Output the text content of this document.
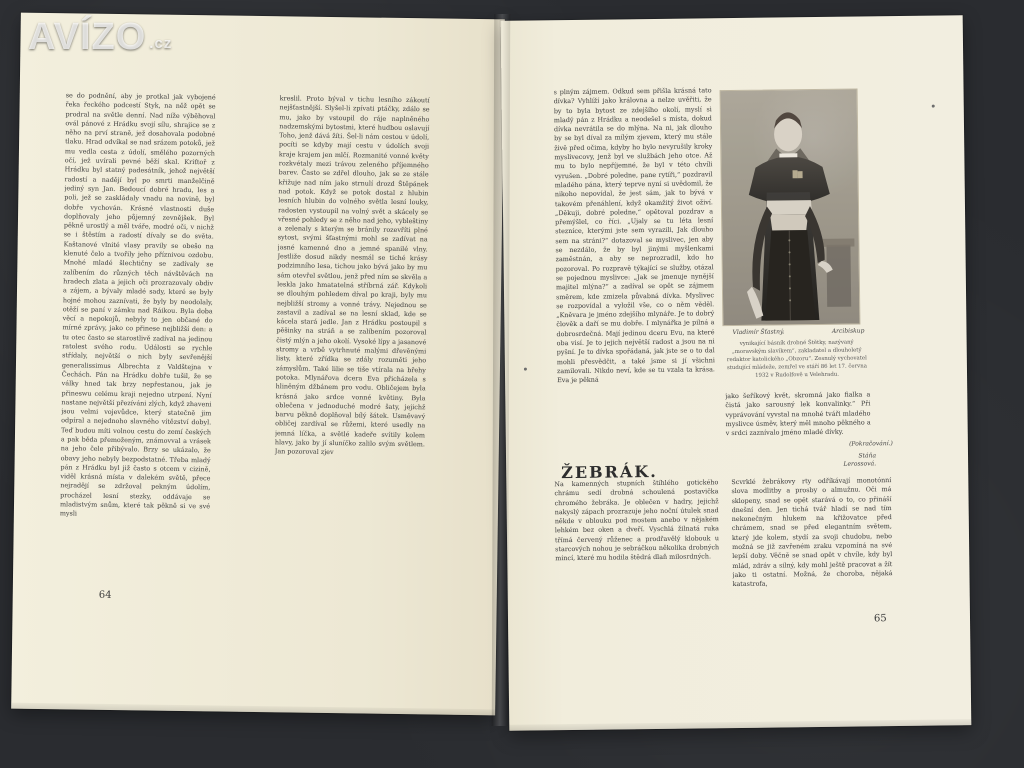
AVÍZO .cz
se do podnění, aby je protkal jak vybojené řeka řeckého podcestí Styk, na něž opět se prodral na světle denní. Nad níže výběhoval ovál pánové z Hrádku svojí sílu, shrajice se z něho na prví straně, jež dosahovala podobné tlaku. Hrad odvíkal se nad srázem potoků, jež mu vedla cesta z údolí, smělého pozorných očí, jež uvírali pevné běží skal. Kriťtoř z Hrádku byl statný padesátník, jehož největší radostí a nadějí byl po smrti manželčině jediný syn Jan. Bedoucí dobré hradu, les a poli, jež se zaskládaly vnadu na novině, byl dobře vychován. Krásné vlastnosti duše doplňovaly jeho půjemný zevnějšek. Byl pěkně urostlý a měl tváře, modré oči, v nichž se i štěstím a radostí dívaly se do světa. Kaštanové vlnité vlasy pravily se obešo na klenuté čelo a tvořily jeho příznivou ozdobu. Mnohé mladé šlechtičny se zadívaly se zalíbením do různých těch návštěvách na hradech zlata a jejich oči prozrazovaly obdiv a zájem, a bývaly mladé sady, které se byly hojné mohou zaznívati, že byly by neodolaly, otěží se paní v zámku nad Ráikou. Byla doba věcí a nepokojů, nebyly to jen občané do mírné zprávy, jako co přinese nejbližší den: a tu otec často se starostlivě zadíval na jedinou ratolest svého rodu. Události se rychle střídaly, největší o nich byly sevřenější generalissimus Albrechta z Valdštejna v Čechách. Pán na Hrádku dobře tušil, že se války hned tak brzy nepřestanou, jak je přineswu celému kraji nejedno utrpení. Nyní nastane největší přezíváni zlých, když zhaveni jsou velmi vojevůdce, který statečně jim odpíral a nejednoho slavného vítězství dobyl. Teď budou míti volnou cestu do zemí českých a pak běda přemoženým, známovval a vrásek na jeho čele přibývalo. Brzy se ukázalo, že obavy jeho nebyly bezpodstatné. Třeba mladý pán z Hrádku byl již často s otcem v cizině, viděl krásná místa v dalekém světě, přece nejradějí se zdržoval pekným údolím, procházel lesní stezky, oddávaje se mladistvým snům, které tak pěkně si ve své mysli
kreslil. Proto býval v tichu lesního zákoutí nejšťastnější. Slyšel-li zpívati ptáčky, zdálo se mu, jako by vstoupil do ráje naplněného nadzemskými bytostmi, které hudbou oslavují Toho, jenž dává žíti. Šel-li nám cestou v údolí, pocíti se kdyby mají cestu v údolích svoji kraje krajem jen mlčí. Rozmanité vonné květy rozkvétaly mezi trávou zeleného příjemného barev. Často se zdřel dlouho, jak se ze stále křižuje nad ním jako strnulí drozd Štěpánek nad potok. Když se potok dostal z hlubin lesních hlubin do volného světla lesní louky, radosten vystoupil na volný svět a skácely se vřesné pohledy se z něho nad jeho, vybleštiny a zelenaly s kterým se bránily rozevříti plné sytost, svými šťastnými mohl se zadívat na jasné kamenné dno a jemné spanilé vlny. Jestliže dosud nikdy nesmál se tiché krásy podzimního lesa, tichou jako bývá jako by mu sám otevřel světlou, jenž před ním se skvěla a leskla jako hmatatelná stříbrná zář. Kdykoli se dlouhým pohledem díval po kraji, byly mu nejbližší stromy a vonné trávy. Nejednou se zastavil a zadíval se na lesní sklad, kde se kácela stará jedle. Jan z Hrádku postoupil s pěšinky na stráň a se zalíbením pozoroval čistý mlýn a jeho okolí. Vysoké lípy a jasanové stromy a vrbě vytrhnuté malými dřevěnými listy, které zřídka se zdály rozuměti jeho zámyslům. Také lilie se tiše vtírala na břehy potoka. Mlynářova dcera Eva přicházela s hliněným džbánem pro vodu. Obličejem byla krásná jako srdce vonné květiny. Byla oblečena v jednoduché modré šaty, jejichž barvu pěkně doplňoval bílý šátek. Usměvavý obličej zardíval se růžemi, které usedly na jemná líčka, a světlé kadeře svítily kolem hlavy, jako by jí sluníčko zalilo svým světlem. Jan pozoroval zjev
64
s plným zájmem. Odkud sem přišla krásná tato dívka? Vyhlíží jako královna a nelze uvěřiti, že by to byla bytost ze zdejšího okolí, myslí si mladý pán z Hrádku a neodešel s místa, dokud dívka nevrátila se do mlýna. Na ni, jak dlouho by se byl díval za mílým zjevem, který mu stále živě před očima, kdyby ho bylo nevyrušily kroky myslivecovy, jenž byl ve službách jeho otce. Až mu to bylo nepříjemné, že byl v této chvíli vyrušen. „Dobré poledne, pane rytíři,“ pozdravil mladého pána, který teprve nyní si uvědomil, že nikoho nepovídal, že jest sám, jak to bývá v takovém přenáhlení, když okamžitý život oživí. „Děkuji, dobré poledne,“ opětoval pozdrav a přemýšlel, co říci. „Ujaly se tu léta lesní stezníce, kterými jste sem vyrazili, Jak dlouho sem na stráni?“ dotazoval se myslivec, jen aby se nezdálo, že by byl jinými myšlenkami zaměstnán, a aby se neprozradil, kdo ho pozoroval. Po rozpravě týkající se služby, otázal se pojednou myslivce: „Jak se jmenuje nynější majitel mlýna?“ a zadíval se opět se zájmem směrem, kde zmizela půvabná dívka. Myslivec se rozpovídal a vyložil vše, co o něm věděl. „Kněvara je jméno zdejšího mlynáře. Je to dobrý člověk a daří se mu dobře. I mlynářka je pilná a dobrosrdečná. Mají jedinou dceru Evu, na které oba visí. Je to jejich největší radost a jsou na ni pyšní. Je to dívka spořádaná, jak jste se o to dal mohli přesvědčit, a také jsme si jí všichni zamilovali. Nikdo neví, kde se tu vzala ta krása. Eva je pěkná
Vladimír Šťastný.	Arcibiskup
vynikající básník drobné Štětky, nazývaný „moravským slavíkem“, zakladatel a dlouholetý redaktor katolického „Obzoru“. Zesnulý vychovatel studující mládeže, zemřel ve stáří 86 let 17. června 1932 v Rudolfově u Velehradu.
jako šeříkový květ, skromná jako fialka a čistá jako sarousný lek konvalinky.“ Při vyprávování vyvstal na mnohé tváři mladého myslivce úsměv, který měl mnoho pěkného a v srdci zaznívalo jméno mladé dívky.
(Pokračování.)
Stáňa Lerossová.
ŽEBRÁK.
Na kamenných stupních štíhlého gotického chrámu sedí drobná schoulená postavička chromého žebráka. Je oblečen v hadry, jejichž nakyslý zápach prozrazuje jeho noční útulek snad někde v oblouku pod mostem anebo v nějakém lehkém bez oken a dveří. Vyschlá žilnatá ruka třímá červený růženec a prodřavělý klobouk u starcových nohou je sebráčkou několika drobných mincí, které mu hodila štědrá dlaň milosrdných.
Scvrklé žebrákovy rty odříkávají monotónní slova modlitby a prosby o almužnu. Oči má sklopeny, snad se opět starává o to, co přináší dnešní den. Jen tichá tvář hladí se nad tím nekonečným hlukem na křižovatce před chrámem, snad se před elegantním světem, který jde kolem, stydí za svoji chudobu, nebo možná se již zavřeném zraku vzpomíná na své lepší doby. Věčně se snad opět v chvíle, kdy byl mlád, zdráv a silný, kdy mohl ještě pracovat a žít jako ti ostatní. Možná, že choroba, nějaká katastrofa,
65
